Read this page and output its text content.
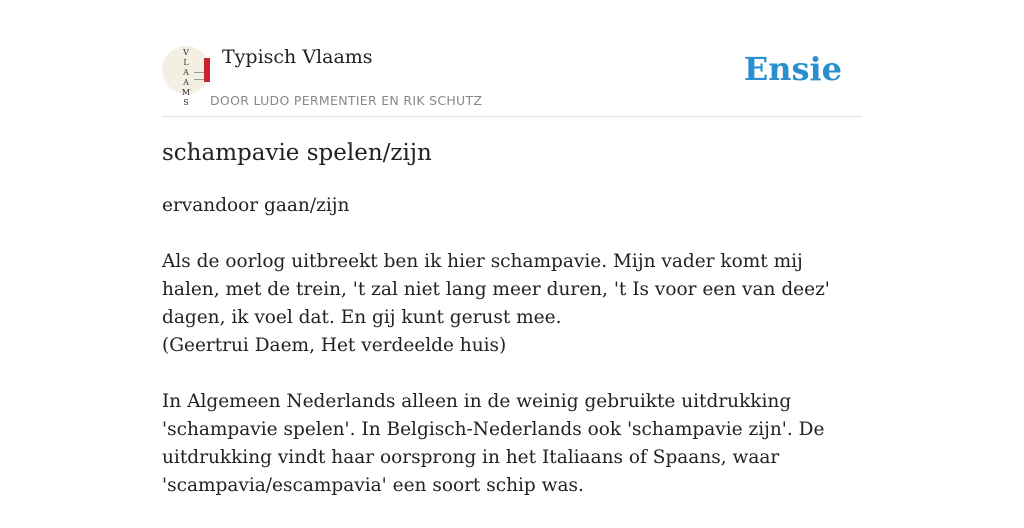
V
L
A
A
M
S
Typisch Vlaams
DOOR LUDO PERMENTIER EN RIK SCHUTZ
Ensie
schampavie spelen/zijn

ervandoor gaan/zijn

Als de oorlog uitbreekt ben ik hier schampavie. Mijn vader komt mij halen, met de trein, 't zal niet lang meer duren, 't Is voor een van deez' dagen, ik voel dat. En gij kunt gerust mee.
(Geertrui Daem, Het verdeelde huis)

In Algemeen Nederlands alleen in de weinig gebruikte uitdrukking 'schampavie spelen'. In Belgisch-Nederlands ook 'schampavie zijn'. De uitdrukking vindt haar oorsprong in het Italiaans of Spaans, waar 'scampavia/escampavia' een soort schip was.
